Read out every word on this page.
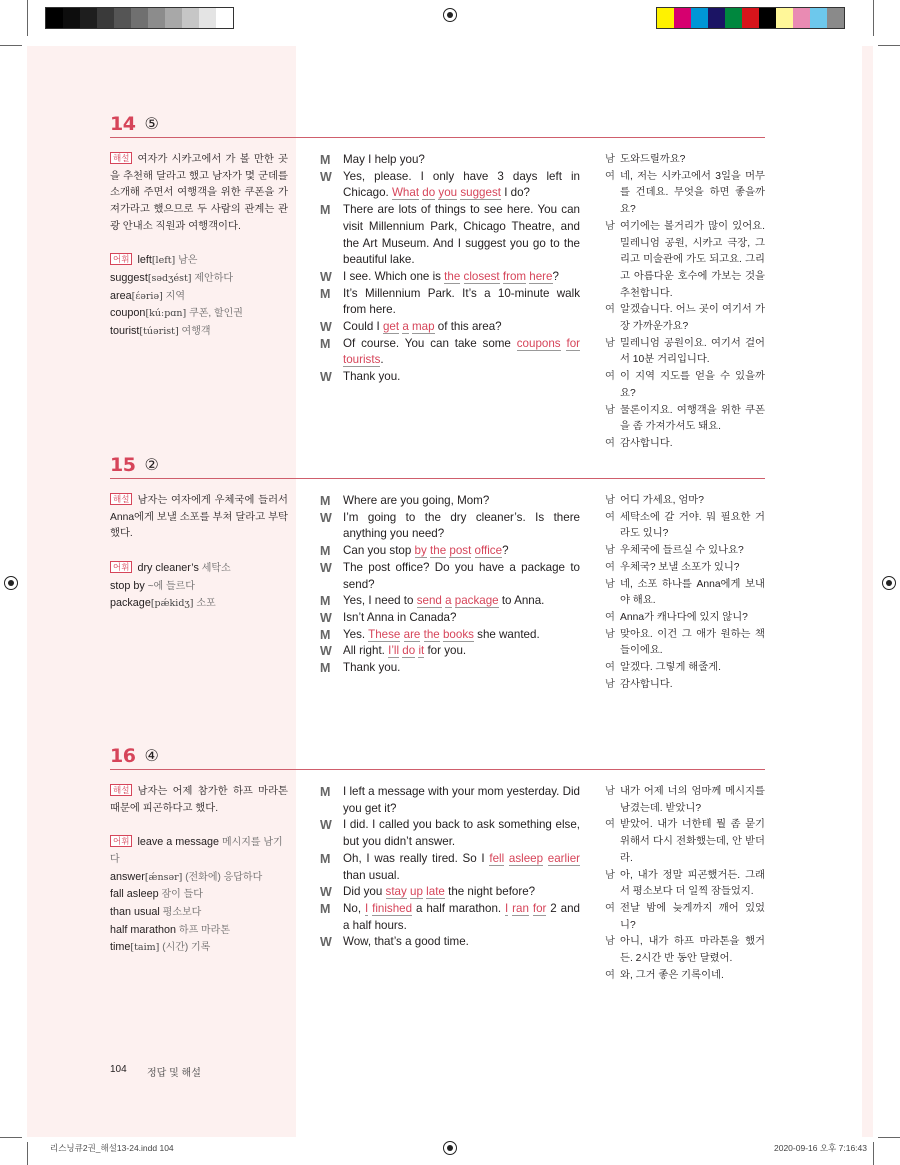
14 ⑤
해설 여자가 시카고에서 가 볼 만한 곳을 추천해 달라고 했고 남자가 몇 군데를 소개해 주면서 여행객을 위한 쿠폰을 가져가라고 했으므로 두 사람의 관계는 관광 안내소 직원과 여행객이다.
어휘 left[left] 남은
suggest[sədʒést] 제안하다
area[έəriə] 지역
coupon[kúːpɑn] 쿠폰, 할인권
tourist[túərist] 여행객
M	May I help you?
W Yes, please. I only have 3 days left in Chicago. What do you suggest I do?
M	There are lots of things to see here. You can visit Millennium Park, Chicago Theatre, and the Art Museum. And I suggest you go to the beautiful lake.
W I see. Which one is the closest from here?
M	It’s Millennium Park. It’s a 10-minute walk from here.
W Could I get a map of this area?
M	Of course. You can take some coupons for tourists.
W Thank you.
남 도와드릴까요?
여 네, 저는 시카고에서 3일을 머무를 건데요. 무엇을 하면 좋을까요?
남 여기에는 볼거리가 많이 있어요. 밀레니엄 공원, 시카고 극장, 그리고 미술관에 가도 되고요. 그리고 아름다운 호수에 가보는 것을 추천합니다.
여 알겠습니다. 어느 곳이 여기서 가장 가까운가요?
남 밀레니엄 공원이요. 여기서 걸어서 10분 거리입니다.
여 이 지역 지도를 얻을 수 있을까요?
남 물론이지요. 여행객을 위한 쿠폰을 좀 가져가셔도 돼요.
여 감사합니다.
15 ②
해설 남자는 여자에게 우체국에 들러서 Anna에게 보낼 소포를 부쳐 달라고 부탁했다.
어휘 dry cleaner’s 세탁소
stop by ~에 들르다
package[pǽkidʒ] 소포
M	Where are you going, Mom?
W I’m going to the dry cleaner’s. Is there anything you need?
M	Can you stop by the post office?
W The post office? Do you have a package to send?
M	Yes, I need to send a package to Anna.
W Isn’t Anna in Canada?
M	Yes. These are the books she wanted.
W All right. I’ll do it for you.
M	Thank you.
남 어디 가세요, 엄마?
여 세탁소에 갈 거야. 뭐 필요한 거라도 있니?
남 우체국에 들르실 수 있나요?
여 우체국? 보낼 소포가 있니?
남 네, 소포 하나를 Anna에게 보내야 해요.
여 Anna가 캐나다에 있지 않니?
남 맞아요. 이건 그 애가 원하는 책들이에요.
여 알겠다. 그렇게 해줄게.
남 감사합니다.
16 ④
해설 남자는 어제 참가한 하프 마라톤 때문에 피곤하다고 했다.
어휘 leave a message 메시지를 남기다
answer[ǽnsər] (전화에) 응답하다
fall asleep 잠이 들다
than usual 평소보다
half marathon 하프 마라톤
time[taim] (시간) 기록
M	I left a message with your mom yesterday. Did you get it?
W I did. I called you back to ask something else, but you didn’t answer.
M	Oh, I was really tired. So I fell asleep earlier than usual.
W Did you stay up late the night before?
M	No, I finished a half marathon. I ran for 2 and a half hours.
W Wow, that’s a good time.
남 내가 어제 너의 엄마께 메시지를 남겼는데. 받았니?
여 받았어. 내가 너한테 뭘 좀 묻기 위해서 다시 전화했는데, 안 받더라.
남 아, 내가 정말 피곤했거든. 그래서 평소보다 더 일찍 잠들었지.
여 전날 밤에 늦게까지 깨어 있었니?
남 아니, 내가 하프 마라톤을 했거든. 2시간 반 동안 달렸어.
여 와, 그거 좋은 기록이네.
104 정답 및 해설
리스닝큐2권_해설13-24.indd 104	2020-09-16 오후 7:16:43
